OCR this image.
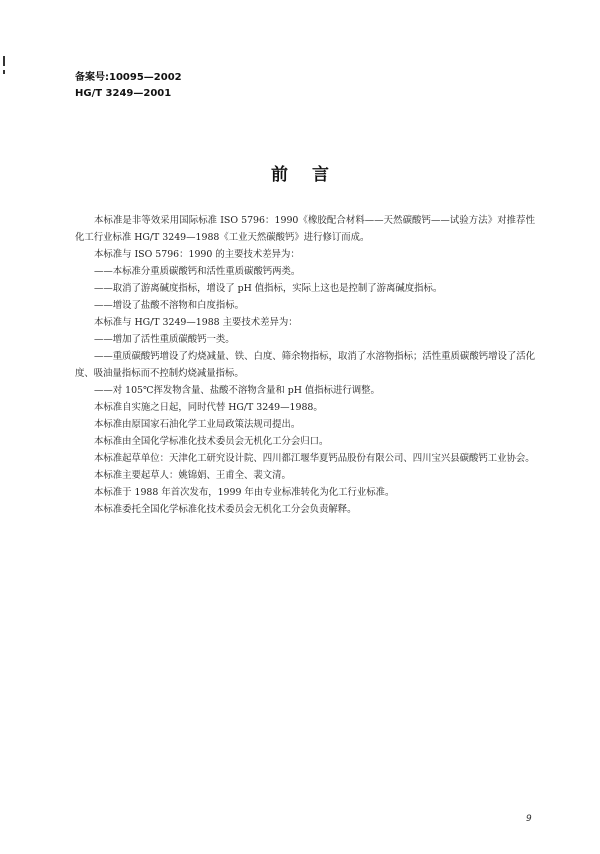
备案号:10095—2002
HG/T 3249—2001
前言

本标准是非等效采用国际标准 ISO 5796：1990《橡胶配合材料——天然碳酸钙——试验方法》对推荐性化工行业标准 HG/T 3249—1988《工业天然碳酸钙》进行修订而成。

本标准与 ISO 5796：1990 的主要技术差异为：

——本标准分重质碳酸钙和活性重质碳酸钙两类。

——取消了游离碱度指标，增设了 pH 值指标，实际上这也是控制了游离碱度指标。

——增设了盐酸不溶物和白度指标。

本标准与 HG/T 3249—1988 主要技术差异为：

——增加了活性重质碳酸钙一类。

——重质碳酸钙增设了灼烧减量、铁、白度、筛余物指标，取消了水溶物指标；活性重质碳酸钙增设了活化度、吸油量指标而不控制灼烧减量指标。

——对 105℃挥发物含量、盐酸不溶物含量和 pH 值指标进行调整。

本标准自实施之日起，同时代替 HG/T 3249—1988。

本标准由原国家石油化学工业局政策法规司提出。

本标准由全国化学标准化技术委员会无机化工分会归口。

本标准起草单位：天津化工研究设计院、四川都江堰华夏钙品股份有限公司、四川宝兴县碳酸钙工业协会。

本标准主要起草人：姚锦娟、王甫全、裴文清。

本标准于 1988 年首次发布，1999 年由专业标准转化为化工行业标准。

本标准委托全国化学标准化技术委员会无机化工分会负责解释。

9
